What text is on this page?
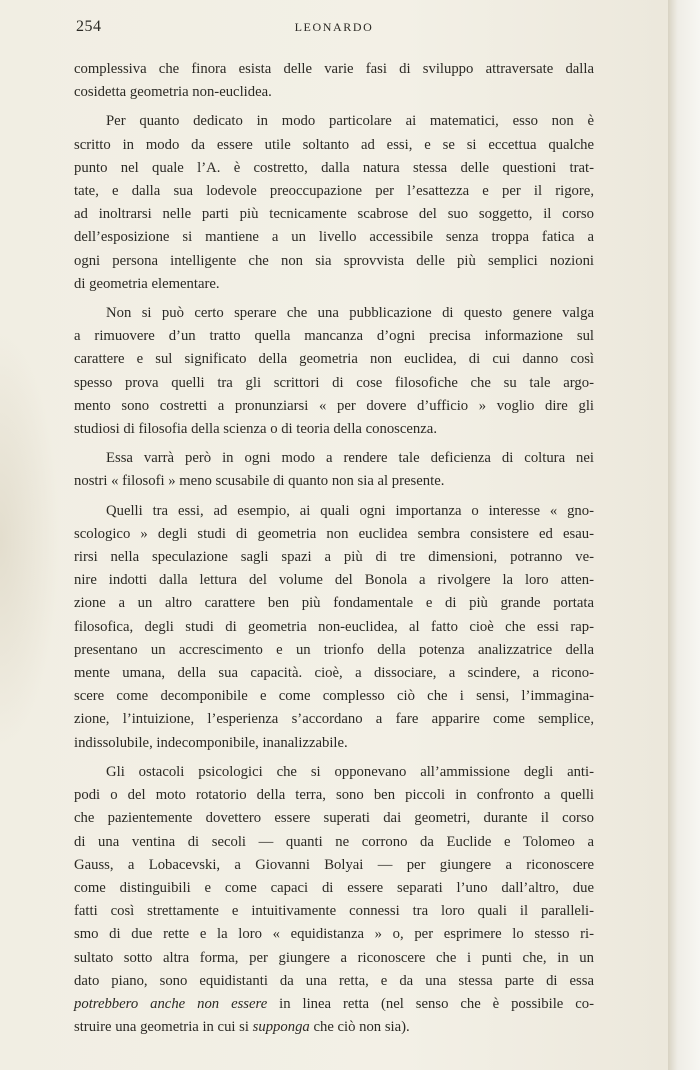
254	LEONARDO

complessiva che finora esista delle varie fasi di sviluppo attraversate dalla
cosidetta geometria non-euclidea.

Per quanto dedicato in modo particolare ai matematici, esso non è
scritto in modo da essere utile soltanto ad essi, e se si eccettua qualche
punto nel quale l’A. è costretto, dalla natura stessa delle questioni trat-
tate, e dalla sua lodevole preoccupazione per l’esattezza e per il rigore,
ad inoltrarsi nelle parti più tecnicamente scabrose del suo soggetto, il corso
dell’esposizione si mantiene a un livello accessibile senza troppa fatica a
ogni persona intelligente che non sia sprovvista delle più semplici nozioni
di geometria elementare.

Non si può certo sperare che una pubblicazione di questo genere valga
a rimuovere d’un tratto quella mancanza d’ogni precisa informazione sul
carattere e sul significato della geometria non euclidea, di cui danno così
spesso prova quelli tra gli scrittori di cose filosofiche che su tale argo-
mento sono costretti a pronunziarsi « per dovere d’ufficio » voglio dire gli
studiosi di filosofia della scienza o di teoria della conoscenza.

Essa varrà però in ogni modo a rendere tale deficienza di coltura nei
nostri « filosofi » meno scusabile di quanto non sia al presente.

Quelli tra essi, ad esempio, ai quali ogni importanza o interesse « gno-
scologico » degli studi di geometria non euclidea sembra consistere ed esau-
rirsi nella speculazione sagli spazi a più di tre dimensioni, potranno ve-
nire indotti dalla lettura del volume del Bonola a rivolgere la loro atten-
zione a un altro carattere ben più fondamentale e di più grande portata
filosofica, degli studi di geometria non-euclidea, al fatto cioè che essi rap-
presentano un accrescimento e un trionfo della potenza analizzatrice della
mente umana, della sua capacità. cioè, a dissociare, a scindere, a ricono-
scere come decomponibile e come complesso ciò che i sensi, l’immagina-
zione, l’intuizione, l’esperienza s’accordano a fare apparire come semplice,
indissolubile, indecomponibile, inanalizzabile.

Gli ostacoli psicologici che si opponevano all’ammissione degli anti-
podi o del moto rotatorio della terra, sono ben piccoli in confronto a quelli
che pazientemente dovettero essere superati dai geometri, durante il corso
di una ventina di secoli — quanti ne corrono da Euclide e Tolomeo a
Gauss, a Lobacevski, a Giovanni Bolyai — per giungere a riconoscere
come distinguibili e come capaci di essere separati l’uno dall’altro, due
fatti così strettamente e intuitivamente connessi tra loro quali il paralleli-
smo di due rette e la loro « equidistanza » o, per esprimere lo stesso ri-
sultato sotto altra forma, per giungere a riconoscere che i punti che, in un
dato piano, sono equidistanti da una retta, e da una stessa parte di essa
potrebbero anche non essere in linea retta (nel senso che è possibile co-
struire una geometria in cui si supponga che ciò non sia).
